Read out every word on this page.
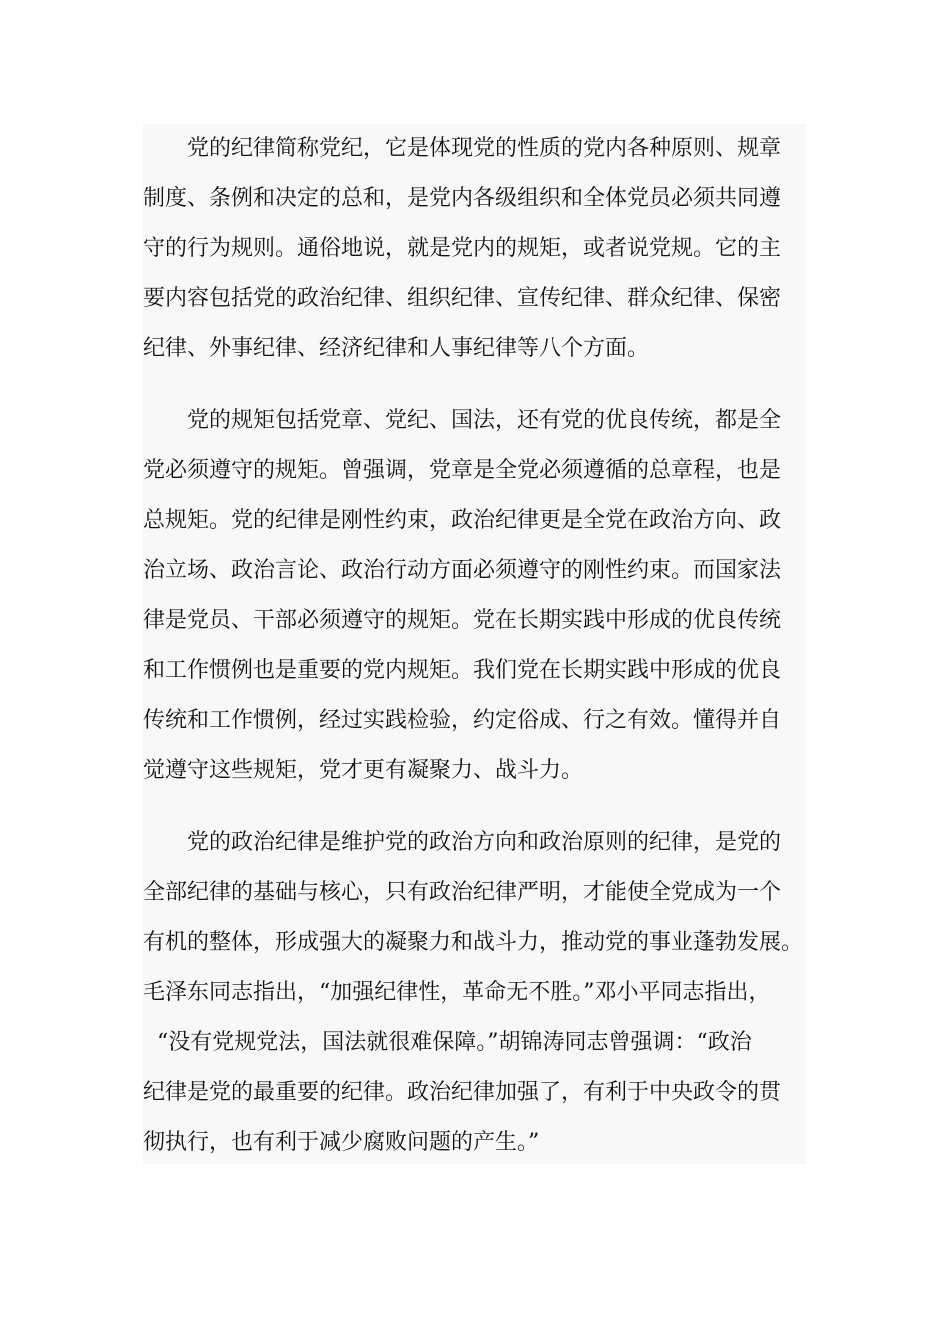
党的纪律简称党纪，它是体现党的性质的党内各种原则、规章
制度、条例和决定的总和，是党内各级组织和全体党员必须共同遵
守的行为规则。通俗地说，就是党内的规矩，或者说党规。它的主
要内容包括党的政治纪律、组织纪律、宣传纪律、群众纪律、保密
纪律、外事纪律、经济纪律和人事纪律等八个方面。
党的规矩包括党章、党纪、国法，还有党的优良传统，都是全
党必须遵守的规矩。曾强调，党章是全党必须遵循的总章程，也是
总规矩。党的纪律是刚性约束，政治纪律更是全党在政治方向、政
治立场、政治言论、政治行动方面必须遵守的刚性约束。而国家法
律是党员、干部必须遵守的规矩。党在长期实践中形成的优良传统
和工作惯例也是重要的党内规矩。我们党在长期实践中形成的优良
传统和工作惯例，经过实践检验，约定俗成、行之有效。懂得并自
觉遵守这些规矩，党才更有凝聚力、战斗力。
党的政治纪律是维护党的政治方向和政治原则的纪律，是党的
全部纪律的基础与核心，只有政治纪律严明，才能使全党成为一个
有机的整体，形成强大的凝聚力和战斗力，推动党的事业蓬勃发展。
毛泽东同志指出，“加强纪律性，革命无不胜。”邓小平同志指出，
“没有党规党法，国法就很难保障。”胡锦涛同志曾强调：“政治
纪律是党的最重要的纪律。政治纪律加强了，有利于中央政令的贯
彻执行，也有利于减少腐败问题的产生。”
